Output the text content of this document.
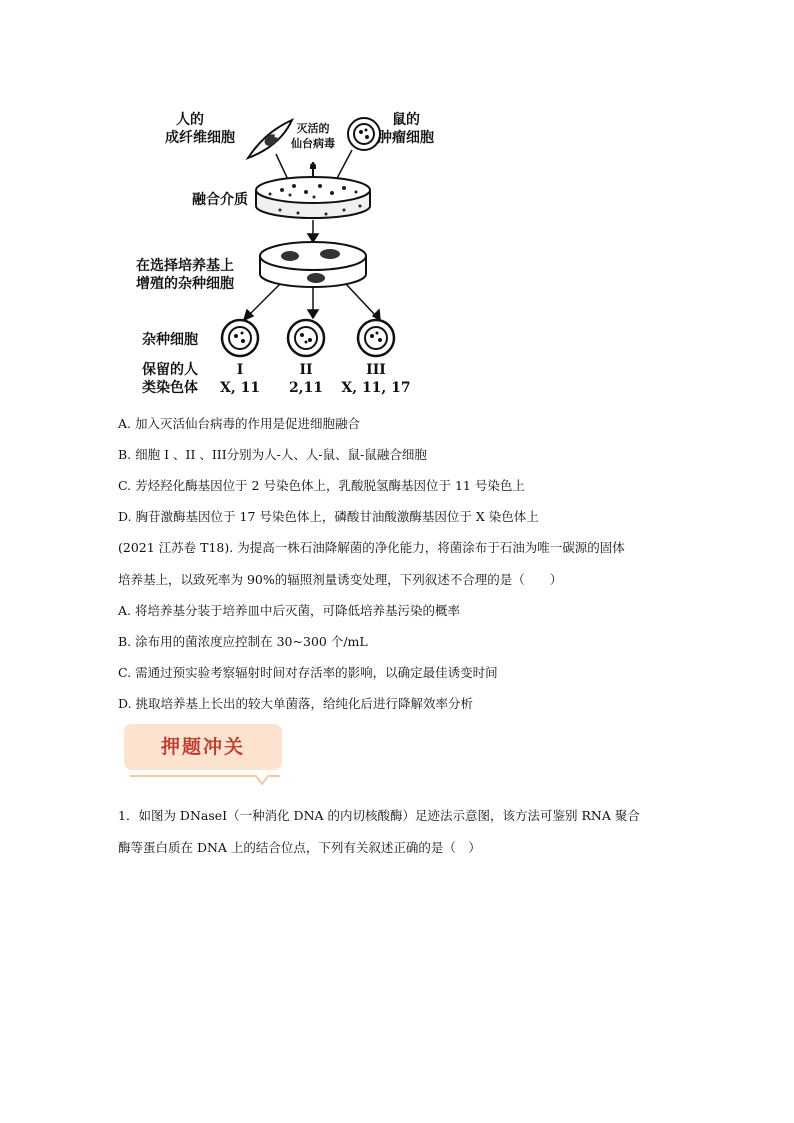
人的
成纤维细胞
灭活的
仙台病毒
鼠的
肿瘤细胞
融合介质
在选择培养基上
增殖的杂种细胞
杂种细胞
保留的人
类染色体
I	II	III
X, 11	2,11	X, 11, 17
A. 加入灭活仙台病毒的作用是促进细胞融合
B. 细胞 I 、II 、III分别为人-人、人-鼠、鼠-鼠融合细胞
C. 芳烃羟化酶基因位于 2 号染色体上，乳酸脱氢酶基因位于 11 号染色上
D. 胸苷激酶基因位于 17 号染色体上，磷酸甘油酸激酶基因位于 X 染色体上
(2021 江苏卷 T18). 为提高一株石油降解菌的净化能力，将菌涂布于石油为唯一碳源的固体
培养基上，以致死率为 90%的辐照剂量诱变处理，下列叙述不合理的是（　　）
A. 将培养基分装于培养皿中后灭菌，可降低培养基污染的概率
B. 涂布用的菌浓度应控制在 30~300 个/mL
C. 需通过预实验考察辐射时间对存活率的影响，以确定最佳诱变时间
D. 挑取培养基上长出的较大单菌落，给纯化后进行降解效率分析
押题冲关
1．如图为 DNaseI（一种消化 DNA 的内切核酸酶）足迹法示意图，该方法可鉴别 RNA 聚合
酶等蛋白质在 DNA 上的结合位点，下列有关叙述正确的是（　）
